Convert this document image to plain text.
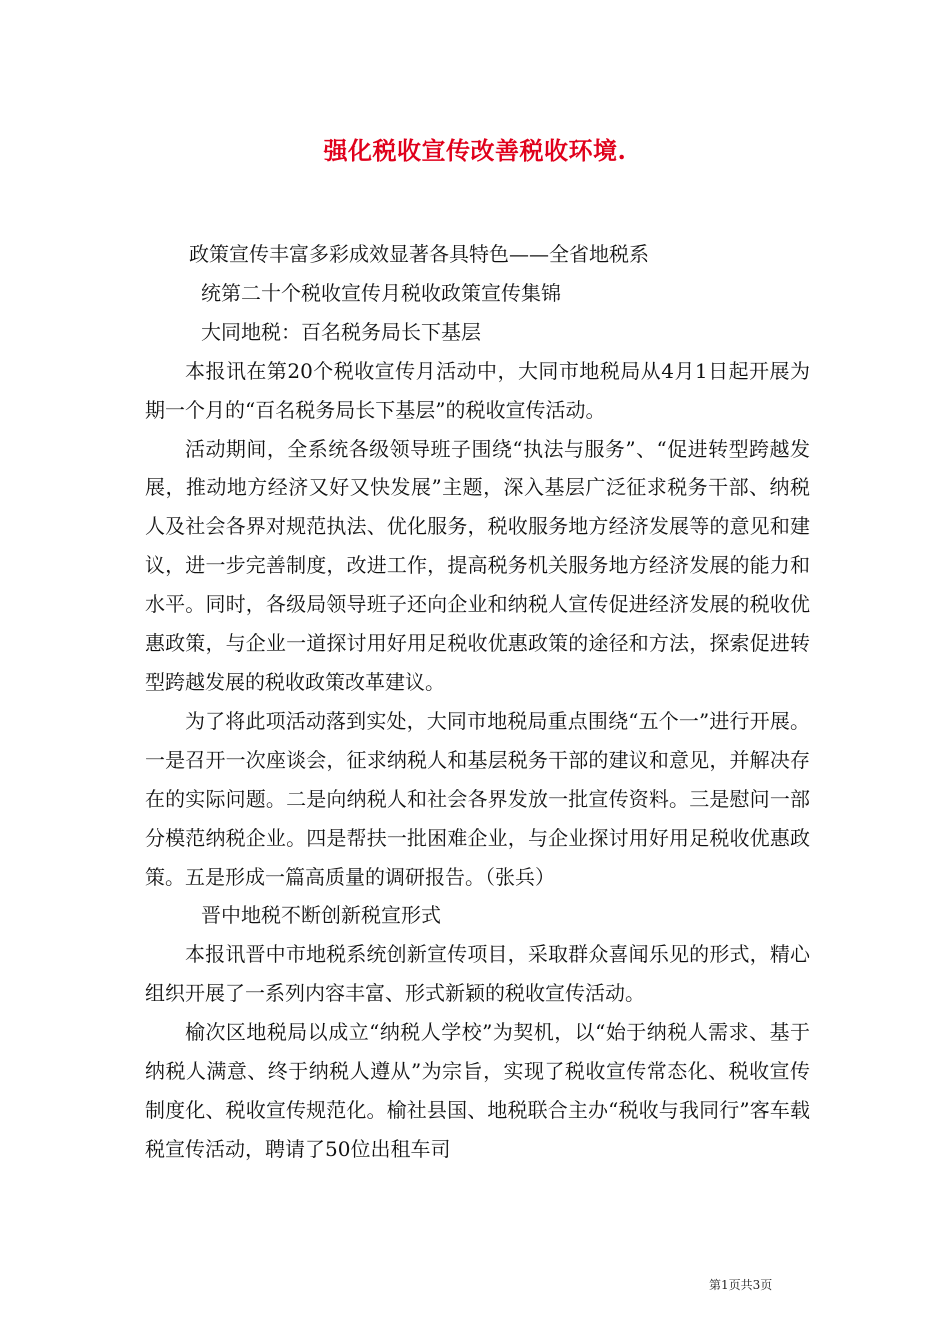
强化税收宣传改善税收环境.

政策宣传丰富多彩成效显著各具特色——全省地税系

统第二十个税收宣传月税收政策宣传集锦

大同地税：百名税务局长下基层

本报讯在第20个税收宣传月活动中，大同市地税局从4月1日起开展为期一个月的“百名税务局长下基层”的税收宣传活动。

活动期间，全系统各级领导班子围绕“执法与服务”、“促进转型跨越发展，推动地方经济又好又快发展”主题，深入基层广泛征求税务干部、纳税人及社会各界对规范执法、优化服务，税收服务地方经济发展等的意见和建议，进一步完善制度，改进工作，提高税务机关服务地方经济发展的能力和水平。同时，各级局领导班子还向企业和纳税人宣传促进经济发展的税收优惠政策，与企业一道探讨用好用足税收优惠政策的途径和方法，探索促进转型跨越发展的税收政策改革建议。

为了将此项活动落到实处，大同市地税局重点围绕“五个一”进行开展。一是召开一次座谈会，征求纳税人和基层税务干部的建议和意见，并解决存在的实际问题。二是向纳税人和社会各界发放一批宣传资料。三是慰问一部分模范纳税企业。四是帮扶一批困难企业，与企业探讨用好用足税收优惠政策。五是形成一篇高质量的调研报告。（张兵）

晋中地税不断创新税宣形式

本报讯晋中市地税系统创新宣传项目，采取群众喜闻乐见的形式，精心组织开展了一系列内容丰富、形式新颖的税收宣传活动。

榆次区地税局以成立“纳税人学校”为契机，以“始于纳税人需求、基于纳税人满意、终于纳税人遵从”为宗旨，实现了税收宣传常态化、税收宣传制度化、税收宣传规范化。榆社县国、地税联合主办“税收与我同行”客车载税宣传活动，聘请了50位出租车司

第1页共3页
